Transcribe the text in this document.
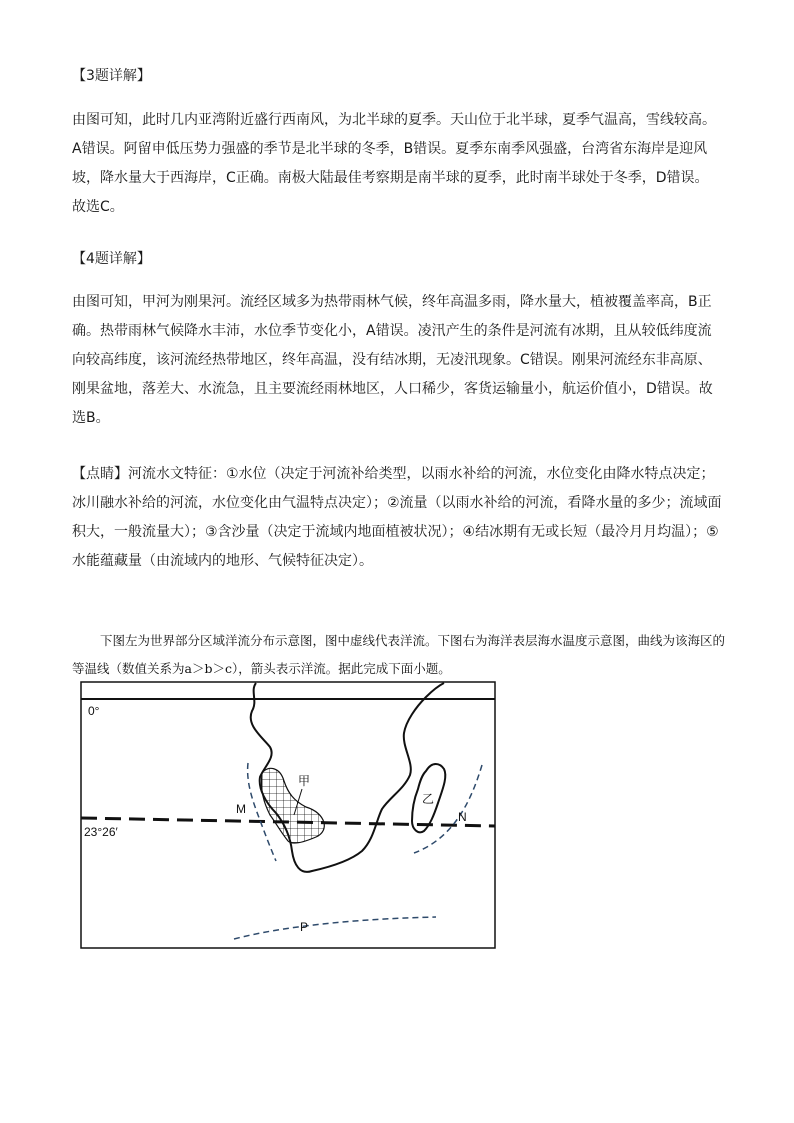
【3题详解】
由图可知，此时几内亚湾附近盛行西南风，为北半球的夏季。天山位于北半球，夏季气温高，雪线较高。A错误。阿留申低压势力强盛的季节是北半球的冬季，B错误。夏季东南季风强盛，台湾省东海岸是迎风坡，降水量大于西海岸，C正确。南极大陆最佳考察期是南半球的夏季，此时南半球处于冬季，D错误。故选C。
【4题详解】
由图可知，甲河为刚果河。流经区域多为热带雨林气候，终年高温多雨，降水量大，植被覆盖率高，B正确。热带雨林气候降水丰沛，水位季节变化小，A错误。凌汛产生的条件是河流有冰期，且从较低纬度流向较高纬度，该河流经热带地区，终年高温，没有结冰期，无凌汛现象。C错误。刚果河流经东非高原、刚果盆地，落差大、水流急，且主要流经雨林地区，人口稀少，客货运输量小，航运价值小，D错误。故选B。
【点睛】河流水文特征：①水位（决定于河流补给类型，以雨水补给的河流，水位变化由降水特点决定；冰川融水补给的河流，水位变化由气温特点决定）；②流量（以雨水补给的河流，看降水量的多少；流域面积大，一般流量大）；③含沙量（决定于流域内地面植被状况）；④结冰期有无或长短（最冷月月均温）；⑤水能蕴藏量（由流域内的地形、气候特征决定）。
下图左为世界部分区域洋流分布示意图，图中虚线代表洋流。下图右为海洋表层海水温度示意图，曲线为该海区的等温线（数值关系为a＞b＞c），箭头表示洋流。据此完成下面小题。
0°
23°26′
甲
乙
M
N
P
